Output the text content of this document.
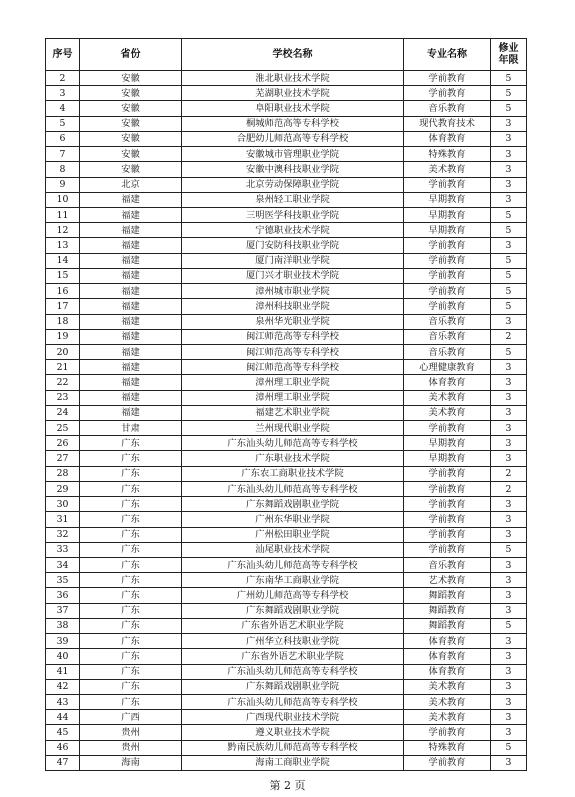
序号	省份	学校名称	专业名称	修业
年限
2	安徽	淮北职业技术学院	学前教育	5
3	安徽	芜湖职业技术学院	学前教育	5
4	安徽	阜阳职业技术学院	音乐教育	5
5	安徽	桐城师范高等专科学校	现代教育技术	3
6	安徽	合肥幼儿师范高等专科学校	体育教育	3
7	安徽	安徽城市管理职业学院	特殊教育	3
8	安徽	安徽中澳科技职业学院	美术教育	3
9	北京	北京劳动保障职业学院	学前教育	3
10	福建	泉州轻工职业学院	早期教育	3
11	福建	三明医学科技职业学院	早期教育	5
12	福建	宁德职业技术学院	早期教育	5
13	福建	厦门安防科技职业学院	学前教育	3
14	福建	厦门南洋职业学院	学前教育	5
15	福建	厦门兴才职业技术学院	学前教育	5
16	福建	漳州城市职业学院	学前教育	5
17	福建	漳州科技职业学院	学前教育	5
18	福建	泉州华光职业学院	音乐教育	3
19	福建	闽江师范高等专科学校	音乐教育	2
20	福建	闽江师范高等专科学校	音乐教育	5
21	福建	闽江师范高等专科学校	心理健康教育	3
22	福建	漳州理工职业学院	体育教育	3
23	福建	漳州理工职业学院	美术教育	3
24	福建	福建艺术职业学院	美术教育	3
25	甘肃	兰州现代职业学院	学前教育	3
26	广东	广东汕头幼儿师范高等专科学校	早期教育	3
27	广东	广东职业技术学院	早期教育	3
28	广东	广东农工商职业技术学院	学前教育	2
29	广东	广东汕头幼儿师范高等专科学校	学前教育	2
30	广东	广东舞蹈戏剧职业学院	学前教育	3
31	广东	广州东华职业学院	学前教育	3
32	广东	广州松田职业学院	学前教育	3
33	广东	汕尾职业技术学院	学前教育	5
34	广东	广东汕头幼儿师范高等专科学校	音乐教育	3
35	广东	广东南华工商职业学院	艺术教育	3
36	广东	广州幼儿师范高等专科学校	舞蹈教育	3
37	广东	广东舞蹈戏剧职业学院	舞蹈教育	3
38	广东	广东省外语艺术职业学院	舞蹈教育	5
39	广东	广州华立科技职业学院	体育教育	3
40	广东	广东省外语艺术职业学院	体育教育	3
41	广东	广东汕头幼儿师范高等专科学校	体育教育	3
42	广东	广东舞蹈戏剧职业学院	美术教育	3
43	广东	广东汕头幼儿师范高等专科学校	美术教育	3
44	广西	广西现代职业技术学院	美术教育	3
45	贵州	遵义职业技术学院	学前教育	3
46	贵州	黔南民族幼儿师范高等专科学校	特殊教育	5
47	海南	海南工商职业学院	学前教育	3
第 2 页
